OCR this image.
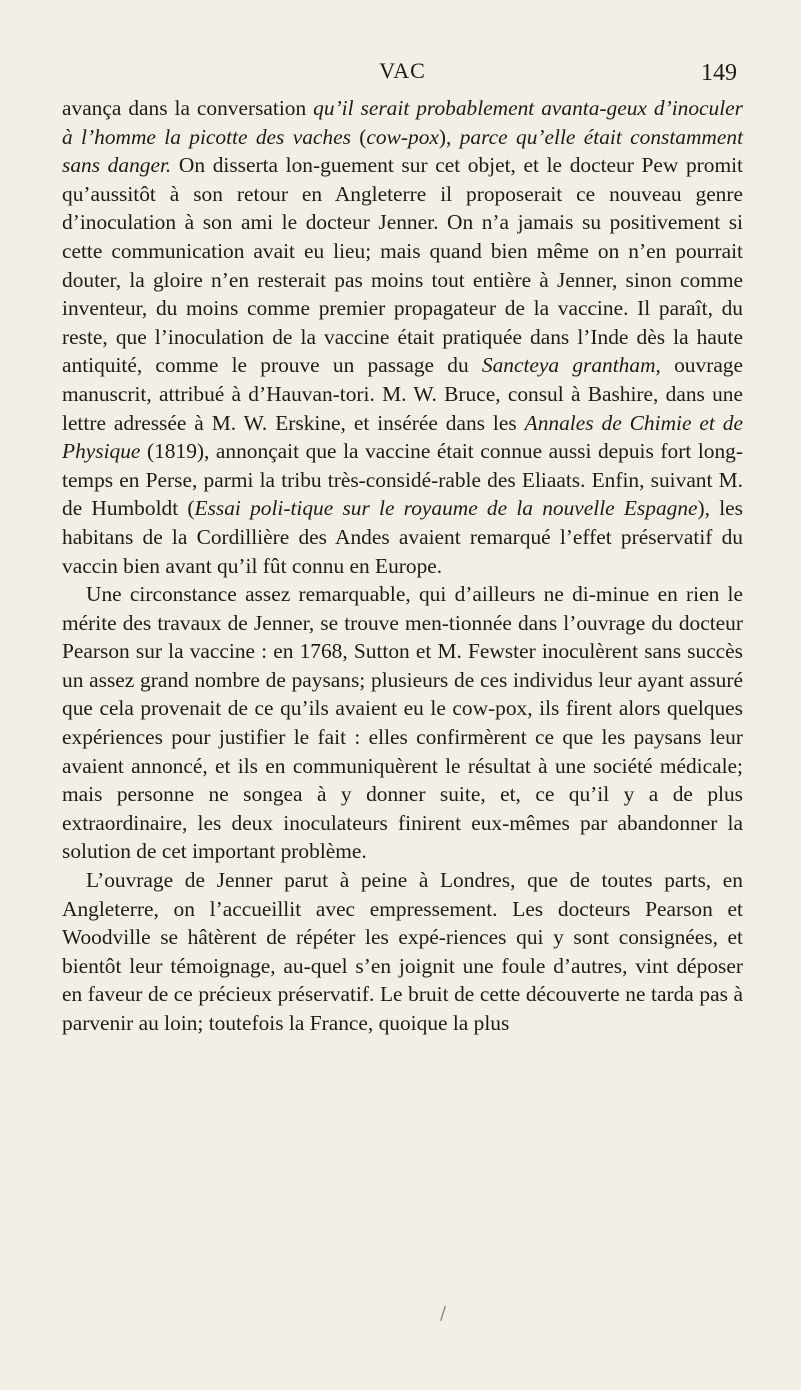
VAC	149

avança dans la conversation qu’il serait probablement avanta-geux d’inoculer à l’homme la picotte des vaches (cow-pox), parce qu’elle était constamment sans danger. On disserta lon-guement sur cet objet, et le docteur Pew promit qu’aussitôt à son retour en Angleterre il proposerait ce nouveau genre d’inoculation à son ami le docteur Jenner. On n’a jamais su positivement si cette communication avait eu lieu; mais quand bien même on n’en pourrait douter, la gloire n’en resterait pas moins tout entière à Jenner, sinon comme inventeur, du moins comme premier propagateur de la vaccine. Il paraît, du reste, que l’inoculation de la vaccine était pratiquée dans l’Inde dès la haute antiquité, comme le prouve un passage du Sancteya grantham, ouvrage manuscrit, attribué à d’Hauvan-tori. M. W. Bruce, consul à Bashire, dans une lettre adressée à M. W. Erskine, et insérée dans les Annales de Chimie et de Physique (1819), annonçait que la vaccine était connue aussi depuis fort long-temps en Perse, parmi la tribu très-considé-rable des Eliaats. Enfin, suivant M. de Humboldt (Essai poli-tique sur le royaume de la nouvelle Espagne), les habitans de la Cordillière des Andes avaient remarqué l’effet préservatif du vaccin bien avant qu’il fût connu en Europe.

Une circonstance assez remarquable, qui d’ailleurs ne di-minue en rien le mérite des travaux de Jenner, se trouve men-tionnée dans l’ouvrage du docteur Pearson sur la vaccine : en 1768, Sutton et M. Fewster inoculèrent sans succès un assez grand nombre de paysans; plusieurs de ces individus leur ayant assuré que cela provenait de ce qu’ils avaient eu le cow-pox, ils firent alors quelques expériences pour justifier le fait : elles confirmèrent ce que les paysans leur avaient annoncé, et ils en communiquèrent le résultat à une société médicale; mais personne ne songea à y donner suite, et, ce qu’il y a de plus extraordinaire, les deux inoculateurs finirent eux-mêmes par abandonner la solution de cet important problème.

L’ouvrage de Jenner parut à peine à Londres, que de toutes parts, en Angleterre, on l’accueillit avec empressement. Les docteurs Pearson et Woodville se hâtèrent de répéter les expé-riences qui y sont consignées, et bientôt leur témoignage, au-quel s’en joignit une foule d’autres, vint déposer en faveur de ce précieux préservatif. Le bruit de cette découverte ne tarda pas à parvenir au loin; toutefois la France, quoique la plus

/
